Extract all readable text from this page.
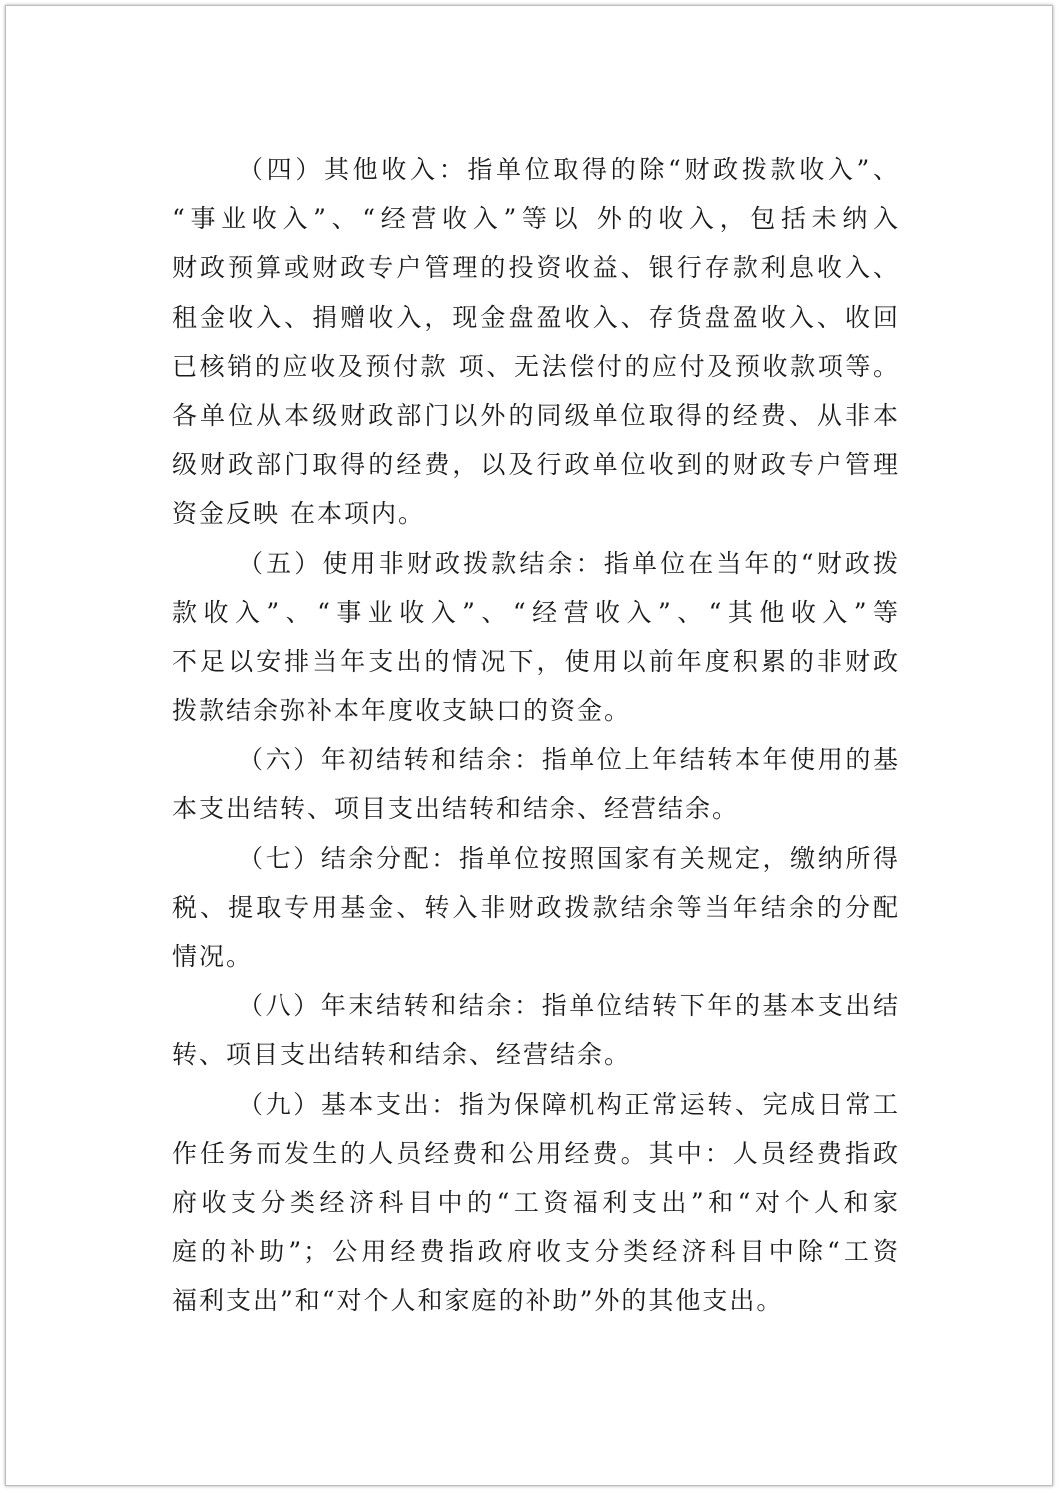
（四）其他收入：指单位取得的除“财政拨款收入”、
“事业收入”、“经营收入”等以 外的收入，包括未纳入
财政预算或财政专户管理的投资收益、银行存款利息收入、
租金收入、捐赠收入，现金盘盈收入、存货盘盈收入、收回
已核销的应收及预付款 项、无法偿付的应付及预收款项等。
各单位从本级财政部门以外的同级单位取得的经费、从非本
级财政部门取得的经费，以及行政单位收到的财政专户管理
资金反映 在本项内。

（五）使用非财政拨款结余：指单位在当年的“财政拨
款收入”、“事业收入”、“经营收入”、“其他收入”等
不足以安排当年支出的情况下，使用以前年度积累的非财政
拨款结余弥补本年度收支缺口的资金。

（六）年初结转和结余：指单位上年结转本年使用的基
本支出结转、项目支出结转和结余、经营结余。

（七）结余分配：指单位按照国家有关规定，缴纳所得
税、提取专用基金、转入非财政拨款结余等当年结余的分配
情况。

（八）年末结转和结余：指单位结转下年的基本支出结
转、项目支出结转和结余、经营结余。

（九）基本支出：指为保障机构正常运转、完成日常工
作任务而发生的人员经费和公用经费。其中：人员经费指政
府收支分类经济科目中的“工资福利支出”和“对个人和家
庭的补助”；公用经费指政府收支分类经济科目中除“工资
福利支出”和“对个人和家庭的补助”外的其他支出。
